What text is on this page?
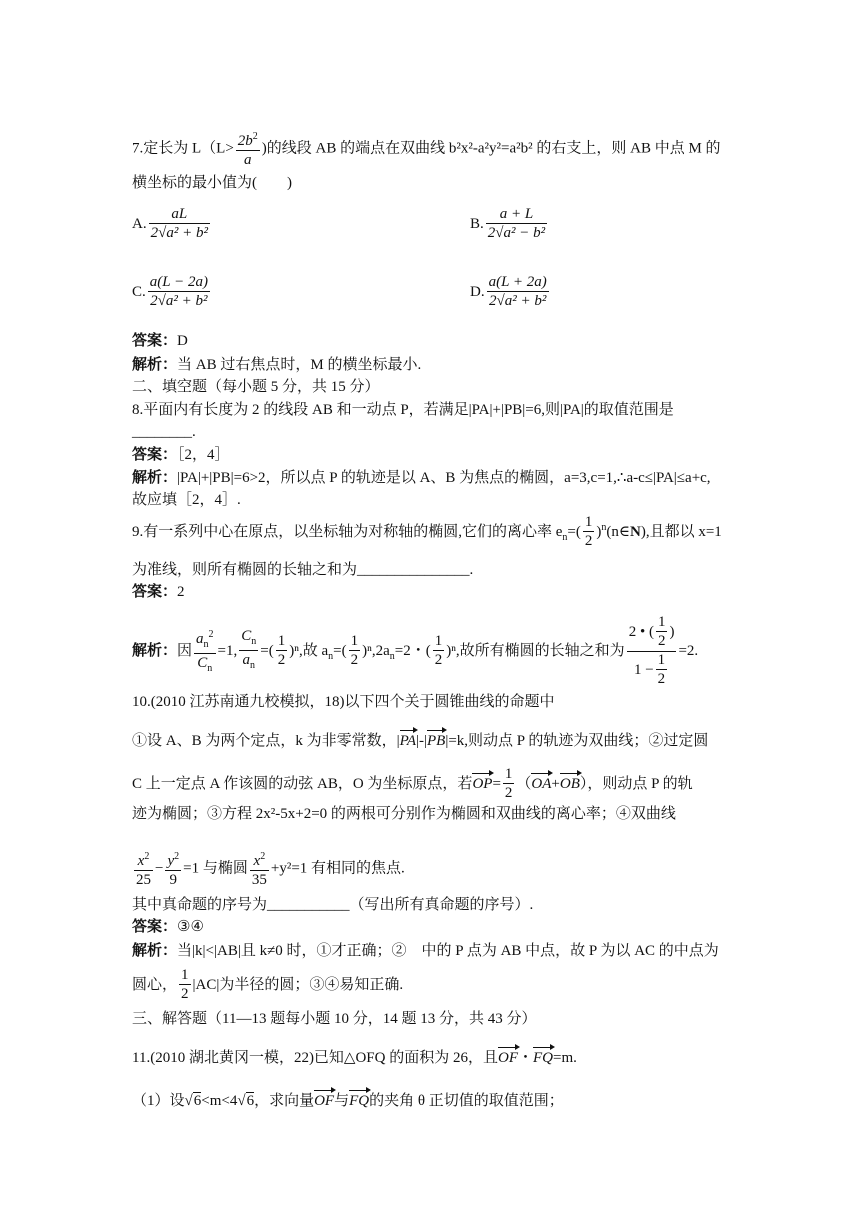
7.定长为 $L(L> \frac{2b^2}{a}$ )的线段 AB 的端点在双曲线 b²x²-a²y²=a²b² 的右支上，则 AB 中点 M 的
横坐标的最小值为(　　)
A. $\frac{aL}{\text{2√a² + b²}}$	B. $\frac{a + L}{\text{2√a² − b²}}$
C. $\frac{a(L - 2a)}{\text{2√a² + b²}}$	D. $\frac{a(L + 2a)}{\text{2√a² + b²}}$
答案：D
解析：当 AB 过右焦点时，M 的横坐标最小.
二、填空题（每小题 5 分，共 15 分）
8.平面内有长度为 2 的线段 AB 和一动点 P，若满足|PA|+|PB|=6,则|PA|的取值范围是
________.
答案：［2，4］
解析：|PA|+|PB|=6>2，所以点 P 的轨迹是以 A、B 为焦点的椭圆，a=3,c=1,∴a-c≤|PA|≤a+c,
故应填［2，4］.
9.有一系列中心在原点，以坐标轴为对称轴的椭圆,它们的离心率 $e_n=( \frac{1}{2}$ )$^n(n\in N)$,且都以 x=1
为准线，则所有椭圆的长轴之和为_______________.
答案：2
解析：因 $\frac{a_n^2}{C_n} =1$, $\frac{C_n}{a_n}$ =( $\frac{1}{2} )^n$,故 $a_n=( \frac{1}{2} )^n,2a_n=2$・( $\frac{1}{2} )^n$,故所有椭圆的长轴之和为 $\frac{2 • ( \frac{1}{2} )}{1 - \frac{1}{2}} =2$.
10.(2010 江苏南通九校模拟，18)以下四个关于圆锥曲线的命题中
①设 A、B 为两个定点，k 为非零常数，|PA|-|PB|=k,则动点 P 的轨迹为双曲线；②过定圆
C 上一定点 A 作该圆的动弦 AB，O 为坐标原点，若$OP= \frac{1}{2} (OA+OB)$，则动点 P 的轨
迹为椭圆；③方程 2x²-5x+2=0 的两根可分别作为椭圆和双曲线的离心率；④双曲线
$\frac{x^2}{25} - \frac{y^2}{9} =1$ 与椭圆 $\frac{x^2}{35} +y^2=1$ 有相同的焦点.
其中真命题的序号为___________（写出所有真命题的序号）.
答案：③④
解析：当|k|<|AB|且 k≠0 时，①才正确；②　中的 P 点为 AB 中点，故 P 为以 AC 的中点为
圆心， $\frac{1}{2} |AC|$为半径的圆；③④易知正确.
三、解答题（11—13 题每小题 10 分，14 题 13 分，共 43 分）
11.(2010 湖北黄冈一模，22)已知△OFQ 的面积为 26，且OF・FQ=m.
（1）设√6<m<4√6，求向量OF与FQ的夹角 θ 正切值的取值范围；
